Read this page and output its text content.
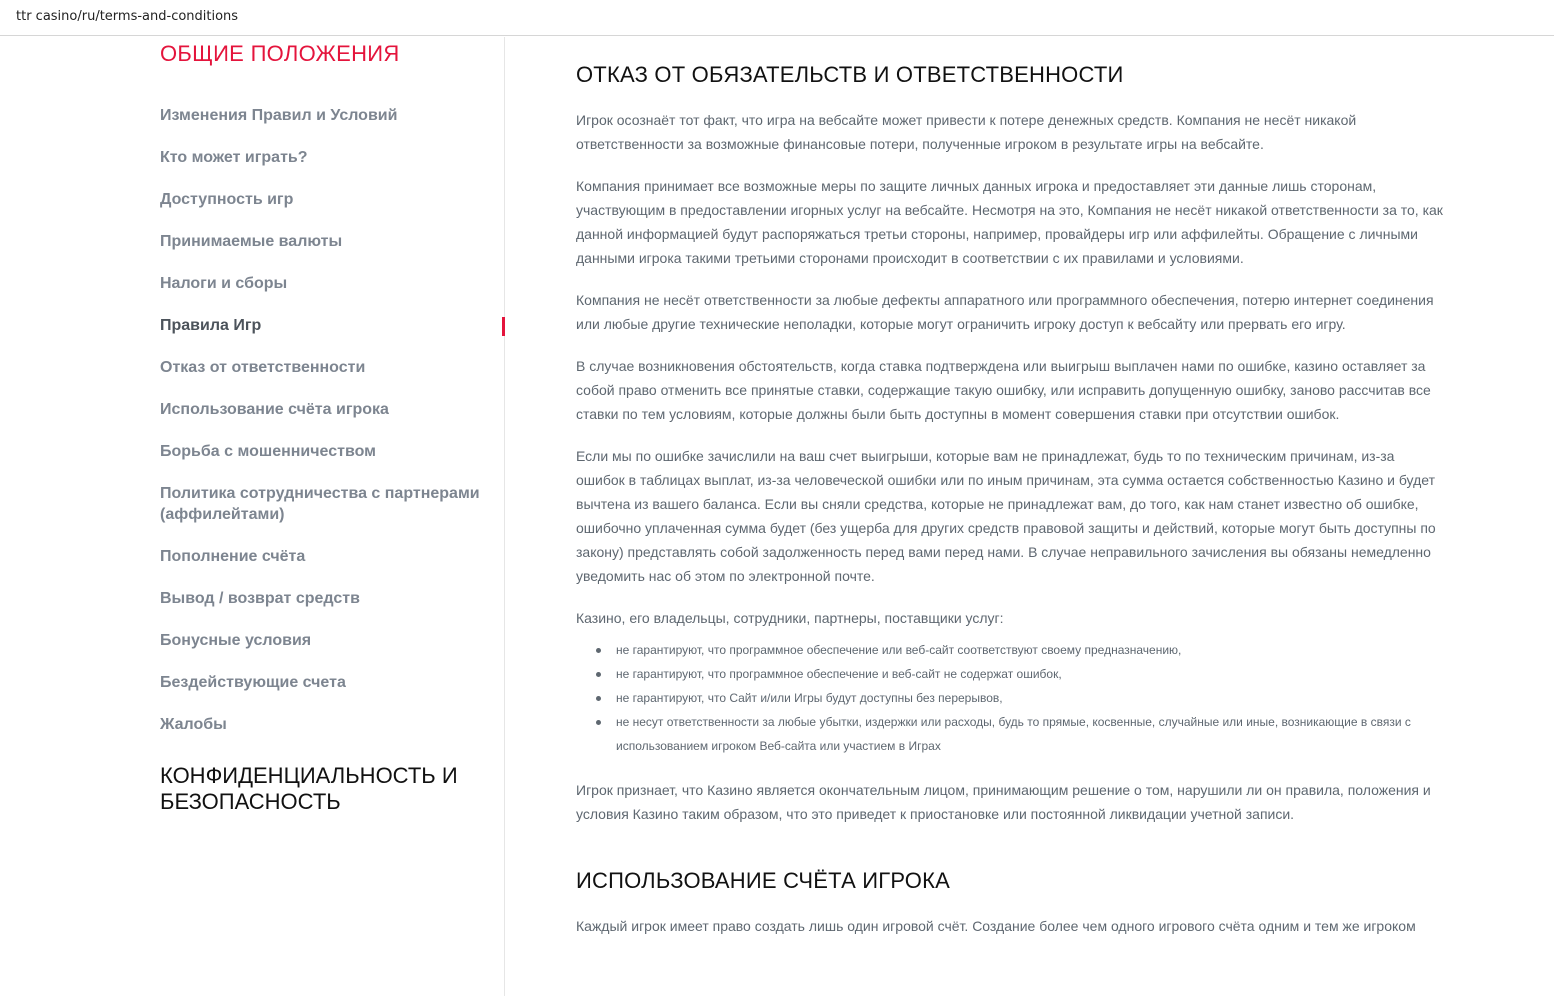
ttr casino/ru/terms-and-conditions
ОБЩИЕ ПОЛОЖЕНИЯ
Изменения Правил и Условий
Кто может играть?
Доступность игр
Принимаемые валюты
Налоги и сборы
Правила Игр
Отказ от ответственности
Использование счёта игрока
Борьба с мошенничеством
Политика сотрудничества с партнерами (аффилейтами)
Пополнение счёта
Вывод / возврат средств
Бонусные условия
Бездействующие счета
Жалобы
КОНФИДЕНЦИАЛЬНОСТЬ И БЕЗОПАСНОСТЬ
ОТКАЗ ОТ ОБЯЗАТЕЛЬСТВ И ОТВЕТСТВЕННОСТИ

Игрок осознаёт тот факт, что игра на вебсайте может привести к потере денежных средств. Компания не несёт никакой ответственности за возможные финансовые потери, полученные игроком в результате игры на вебсайте.

Компания принимает все возможные меры по защите личных данных игрока и предоставляет эти данные лишь сторонам, участвующим в предоставлении игорных услуг на вебсайте. Несмотря на это, Компания не несёт никакой ответственности за то, как данной информацией будут распоряжаться третьи стороны, например, провайдеры игр или аффилейты. Обращение с личными данными игрока такими третьими сторонами происходит в соответствии с их правилами и условиями.

Компания не несёт ответственности за любые дефекты аппаратного или программного обеспечения, потерю интернет соединения или любые другие технические неполадки, которые могут ограничить игроку доступ к вебсайту или прервать его игру.

В случае возникновения обстоятельств, когда ставка подтверждена или выигрыш выплачен нами по ошибке, казино оставляет за собой право отменить все принятые ставки, содержащие такую ошибку, или исправить допущенную ошибку, заново рассчитав все ставки по тем условиям, которые должны были быть доступны в момент совершения ставки при отсутствии ошибок.

Если мы по ошибке зачислили на ваш счет выигрыши, которые вам не принадлежат, будь то по техническим причинам, из-за ошибок в таблицах выплат, из-за человеческой ошибки или по иным причинам, эта сумма остается собственностью Казино и будет вычтена из вашего баланса. Если вы сняли средства, которые не принадлежат вам, до того, как нам станет известно об ошибке, ошибочно уплаченная сумма будет (без ущерба для других средств правовой защиты и действий, которые могут быть доступны по закону) представлять собой задолженность перед вами перед нами. В случае неправильного зачисления вы обязаны немедленно уведомить нас об этом по электронной почте.

Казино, его владельцы, сотрудники, партнеры, поставщики услуг:

не гарантируют, что программное обеспечение или веб-сайт соответствуют своему предназначению,
не гарантируют, что программное обеспечение и веб-сайт не содержат ошибок,
не гарантируют, что Сайт и/или Игры будут доступны без перерывов,
не несут ответственности за любые убытки, издержки или расходы, будь то прямые, косвенные, случайные или иные, возникающие в связи с использованием игроком Веб-сайта или участием в Играх

Игрок признает, что Казино является окончательным лицом, принимающим решение о том, нарушили ли он правила, положения и условия Казино таким образом, что это приведет к приостановке или постоянной ликвидации учетной записи.

ИСПОЛЬЗОВАНИЕ СЧЁТА ИГРОКА

Каждый игрок имеет право создать лишь один игровой счёт. Создание более чем одного игрового счёта одним и тем же игроком
